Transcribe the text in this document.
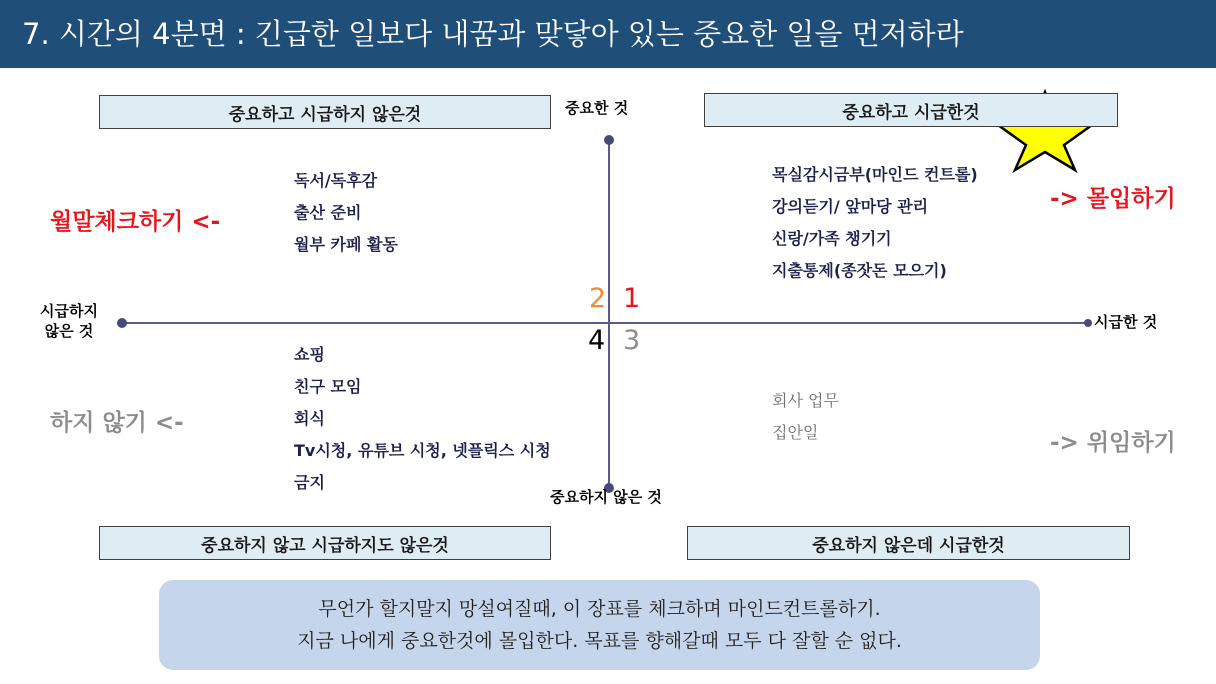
7. 시간의 4분면 : 긴급한 일보다 내꿈과 맞닿아 있는 중요한 일을 먼저하라
중요하고 시급하지 않은것	중요하고 시급한것
중요하지 않고 시급하지도 않은것	중요하지 않은데 시급한것
중요한 것
중요하지 않은 것
시급하지
않은 것	시급한 것
2 1
4 3
독서/독후감
출산 준비
월부 카페 활동
목실감시금부(마인드 컨트롤)
강의듣기/ 앞마당 관리
신랑/가족 챙기기
지출통제(종잣돈 모으기)
쇼핑
친구 모임
회식
Tv시청, 유튜브 시청, 넷플릭스 시청
금지
회사 업무
집안일
월말체크하기 <-
-> 몰입하기
하지 않기 <-
-> 위임하기
무언가 할지말지 망설여질때, 이 장표를 체크하며 마인드컨트롤하기.
지금 나에게 중요한것에 몰입한다. 목표를 향해갈때 모두 다 잘할 순 없다.
